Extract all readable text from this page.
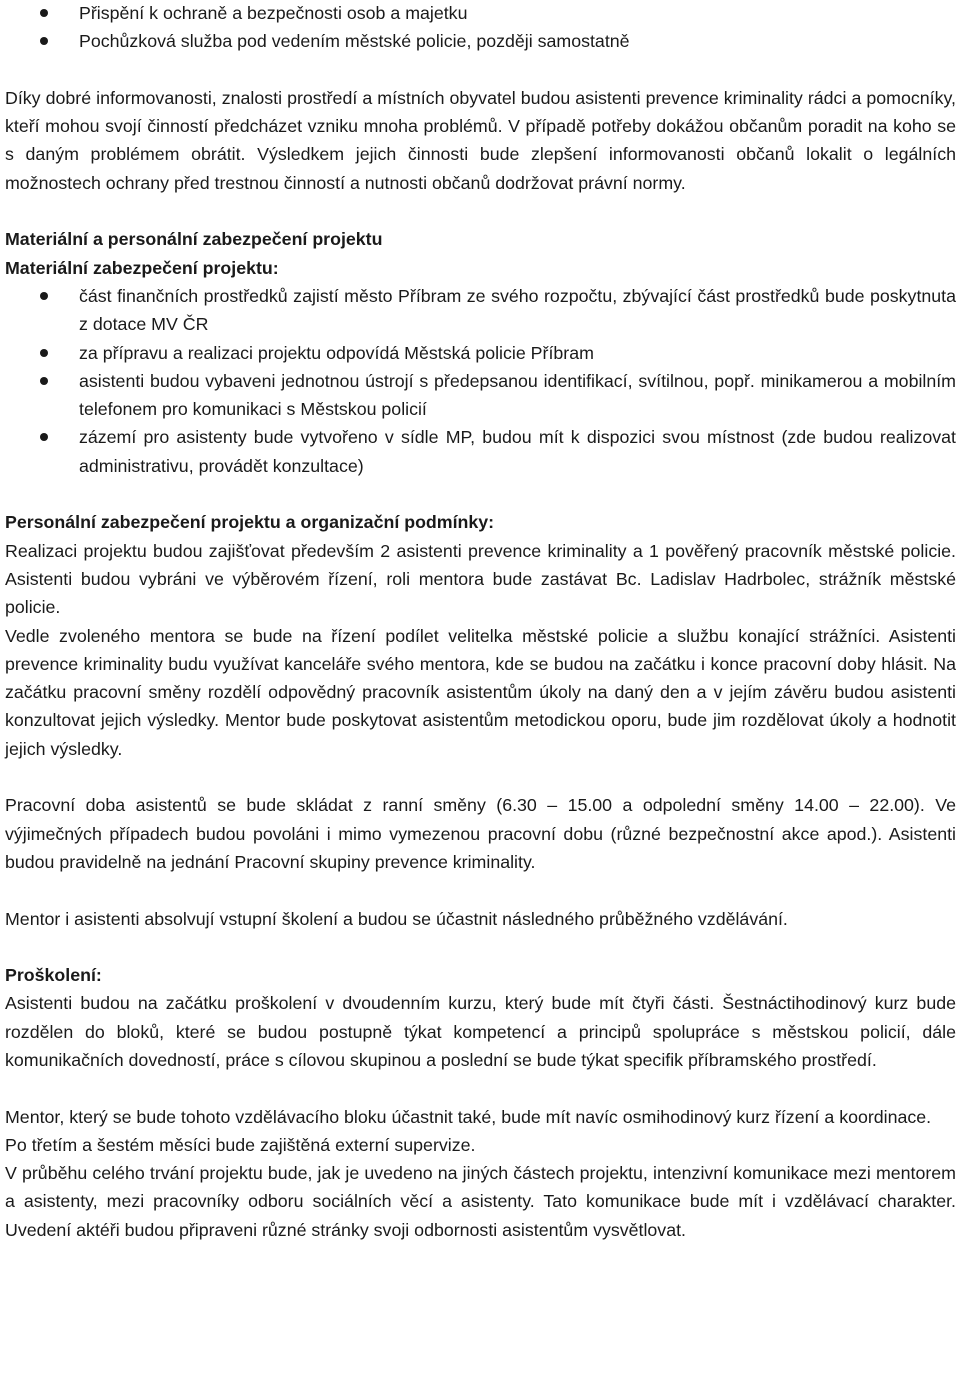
Přispění k ochraně a bezpečnosti osob a majetku
Pochůzková služba pod vedením městské policie, později samostatně

Díky dobré informovanosti, znalosti prostředí a místních obyvatel budou asistenti prevence kriminality rádci a pomocníky, kteří mohou svojí činností předcházet vzniku mnoha problémů. V případě potřeby dokážou občanům poradit na koho se s daným problémem obrátit. Výsledkem jejich činnosti bude zlepšení informovanosti občanů lokalit o legálních možnostech ochrany před trestnou činností a nutnosti občanů dodržovat právní normy.

Materiální a personální zabezpečení projektu

Materiální zabezpečení projektu:

část finančních prostředků zajistí město Příbram ze svého rozpočtu, zbývající část prostředků bude poskytnuta z dotace MV ČR
za přípravu a realizaci projektu odpovídá Městská policie Příbram
asistenti budou vybaveni jednotnou ústrojí s předepsanou identifikací, svítilnou, popř. minikamerou a mobilním telefonem pro komunikaci s Městskou policií
zázemí pro asistenty bude vytvořeno v sídle MP, budou mít k dispozici svou místnost (zde budou realizovat administrativu, provádět konzultace)

Personální zabezpečení projektu a organizační podmínky:

Realizaci projektu budou zajišťovat především 2 asistenti prevence kriminality a 1 pověřený pracovník městské policie. Asistenti budou vybráni ve výběrovém řízení, roli mentora bude zastávat Bc. Ladislav Hadrbolec, strážník městské policie.

Vedle zvoleného mentora se bude na řízení podílet velitelka městské policie a službu konající strážníci. Asistenti prevence kriminality budu využívat kanceláře svého mentora, kde se budou na začátku i konce pracovní doby hlásit. Na začátku pracovní směny rozdělí odpovědný pracovník asistentům úkoly na daný den a v jejím závěru budou asistenti konzultovat jejich výsledky. Mentor bude poskytovat asistentům metodickou oporu, bude jim rozdělovat úkoly a hodnotit jejich výsledky.

Pracovní doba asistentů se bude skládat z ranní směny (6.30 – 15.00 a odpolední směny 14.00 – 22.00). Ve výjimečných případech budou povoláni i mimo vymezenou pracovní dobu (různé bezpečnostní akce apod.). Asistenti budou pravidelně na jednání Pracovní skupiny prevence kriminality.

Mentor i asistenti absolvují vstupní školení a budou se účastnit následného průběžného vzdělávání.

Proškolení:

Asistenti budou na začátku proškolení v dvoudenním kurzu, který bude mít čtyři části. Šestnáctihodinový kurz bude rozdělen do bloků, které se budou postupně týkat kompetencí a principů spolupráce s městskou policií, dále komunikačních dovedností, práce s cílovou skupinou a poslední se bude týkat specifik příbramského prostředí.

Mentor, který se bude tohoto vzdělávacího bloku účastnit také, bude mít navíc osmihodinový kurz řízení a koordinace.

Po třetím a šestém měsíci bude zajištěná externí supervize.

V průběhu celého trvání projektu bude, jak je uvedeno na jiných částech projektu, intenzivní komunikace mezi mentorem a asistenty, mezi pracovníky odboru sociálních věcí a asistenty. Tato komunikace bude mít i vzdělávací charakter. Uvedení aktéři budou připraveni různé stránky svoji odbornosti asistentům vysvětlovat.
